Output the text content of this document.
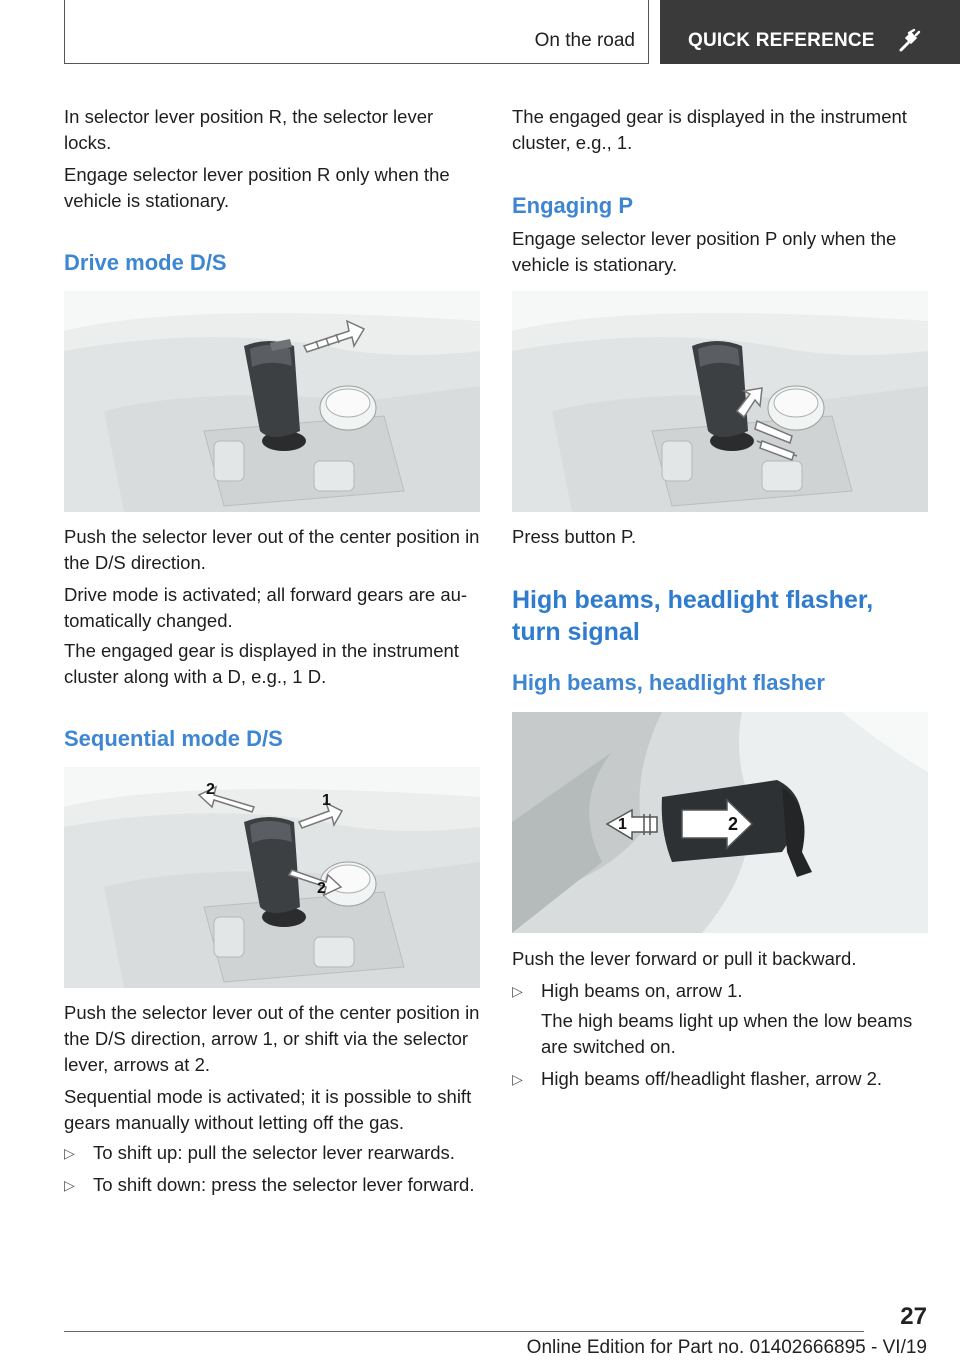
On the road	QUICK REFERENCE

In selector lever position R, the selector lever locks.

Engage selector lever position R only when the vehicle is stationary.

Drive mode D/S

Push the selector lever out of the center position in the D/S direction.

Drive mode is activated; all forward gears are automatically changed.

The engaged gear is displayed in the instrument cluster along with a D, e.g., 1 D.

Sequential mode D/S
1
2
2

Push the selector lever out of the center position in the D/S direction, arrow 1, or shift via the selector lever, arrows at 2.

Sequential mode is activated; it is possible to shift gears manually without letting off the gas.

▷ To shift up: pull the selector lever rearwards.
▷ To shift down: press the selector lever forward.

The engaged gear is displayed in the instrument cluster, e.g., 1.

Engaging P

Engage selector lever position P only when the vehicle is stationary.

Press button P.

High beams, headlight flasher, turn signal
High beams, headlight flasher
1	2

Push the lever forward or pull it backward.

▷ High beams on, arrow 1.

The high beams light up when the low beams are switched on.

▷ High beams off/headlight flasher, arrow 2.
27
Online Edition for Part no. 01402666895 - VI/19
